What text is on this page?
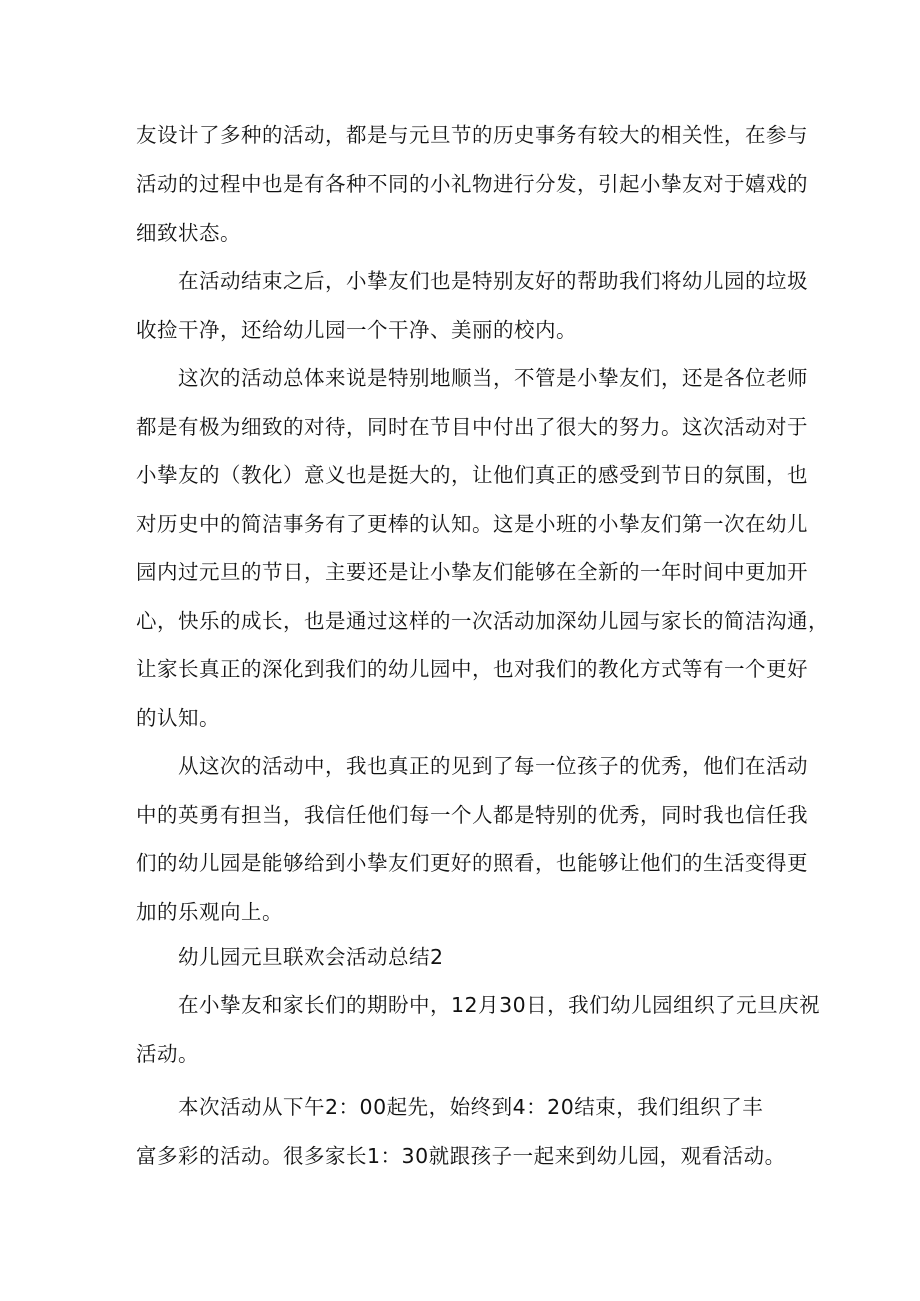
友设计了多种的活动，都是与元旦节的历史事务有较大的相关性，在参与

活动的过程中也是有各种不同的小礼物进行分发，引起小挚友对于嬉戏的

细致状态。

在活动结束之后，小挚友们也是特别友好的帮助我们将幼儿园的垃圾

收捡干净，还给幼儿园一个干净、美丽的校内。

这次的活动总体来说是特别地顺当，不管是小挚友们，还是各位老师

都是有极为细致的对待，同时在节目中付出了很大的努力。这次活动对于

小挚友的（教化）意义也是挺大的，让他们真正的感受到节日的氛围，也

对历史中的简洁事务有了更棒的认知。这是小班的小挚友们第一次在幼儿

园内过元旦的节日，主要还是让小挚友们能够在全新的一年时间中更加开

心，快乐的成长，也是通过这样的一次活动加深幼儿园与家长的简洁沟通，

让家长真正的深化到我们的幼儿园中，也对我们的教化方式等有一个更好

的认知。

从这次的活动中，我也真正的见到了每一位孩子的优秀，他们在活动

中的英勇有担当，我信任他们每一个人都是特别的优秀，同时我也信任我

们的幼儿园是能够给到小挚友们更好的照看，也能够让他们的生活变得更

加的乐观向上。

幼儿园元旦联欢会活动总结2

在小挚友和家长们的期盼中，12月30日，我们幼儿园组织了元旦庆祝

活动。

本次活动从下午2：00起先，始终到4：20结束，我们组织了丰

富多彩的活动。很多家长1：30就跟孩子一起来到幼儿园，观看活动。
